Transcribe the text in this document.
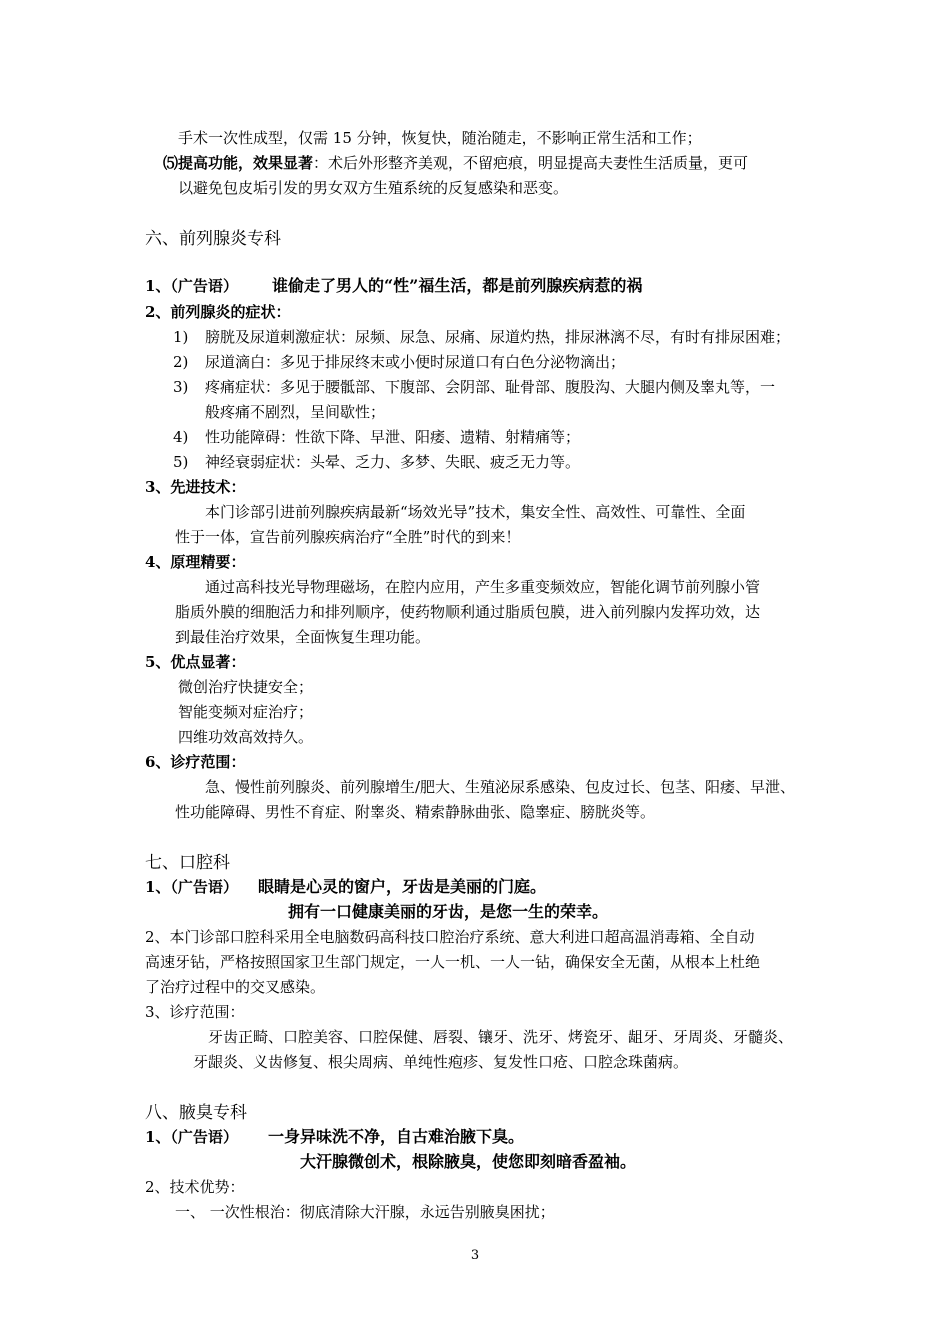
手术一次性成型，仅需 15 分钟，恢复快，随治随走，不影响正常生活和工作；
⑸提高功能，效果显著：术后外形整齐美观，不留疤痕，明显提高夫妻性生活质量，更可
以避免包皮垢引发的男女双方生殖系统的反复感染和恶变。
六、前列腺炎专科
1、（广告语） 谁偷走了男人的“性”福生活，都是前列腺疾病惹的祸
2、前列腺炎的症状：
1) 膀胱及尿道刺激症状：尿频、尿急、尿痛、尿道灼热，排尿淋漓不尽，有时有排尿困难；
2) 尿道滴白：多见于排尿终末或小便时尿道口有白色分泌物滴出；
3) 疼痛症状：多见于腰骶部、下腹部、会阴部、耻骨部、腹股沟、大腿内侧及睾丸等，一
般疼痛不剧烈，呈间歇性；
4) 性功能障碍：性欲下降、早泄、阳痿、遗精、射精痛等；
5) 神经衰弱症状：头晕、乏力、多梦、失眠、疲乏无力等。
3、先进技术：
本门诊部引进前列腺疾病最新“场效光导”技术，集安全性、高效性、可靠性、全面
性于一体，宣告前列腺疾病治疗“全胜”时代的到来！
4、原理精要：
通过高科技光导物理磁场，在腔内应用，产生多重变频效应，智能化调节前列腺小管
脂质外膜的细胞活力和排列顺序，使药物顺利通过脂质包膜，进入前列腺内发挥功效，达
到最佳治疗效果，全面恢复生理功能。
5、优点显著：
微创治疗快捷安全；
智能变频对症治疗；
四维功效高效持久。
6、诊疗范围：
急、慢性前列腺炎、前列腺增生/肥大、生殖泌尿系感染、包皮过长、包茎、阳痿、早泄、
性功能障碍、男性不育症、附睾炎、精索静脉曲张、隐睾症、膀胱炎等。
七、口腔科
1、（广告语） 眼睛是心灵的窗户，牙齿是美丽的门庭。
拥有一口健康美丽的牙齿，是您一生的荣幸。
2、本门诊部口腔科采用全电脑数码高科技口腔治疗系统、意大利进口超高温消毒箱、全自动
高速牙钻，严格按照国家卫生部门规定，一人一机、一人一钻，确保安全无菌，从根本上杜绝
了治疗过程中的交叉感染。
3、诊疗范围：
牙齿正畸、口腔美容、口腔保健、唇裂、镶牙、洗牙、烤瓷牙、龃牙、牙周炎、牙髓炎、
牙龈炎、义齿修复、根尖周病、单纯性疱疹、复发性口疮、口腔念珠菌病。
八、腋臭专科
1、（广告语） 一身异味洗不净，自古难治腋下臭。
大汗腺微创术，根除腋臭，使您即刻暗香盈袖。
2、技术优势：
一、 一次性根治：彻底清除大汗腺，永远告别腋臭困扰；
3
